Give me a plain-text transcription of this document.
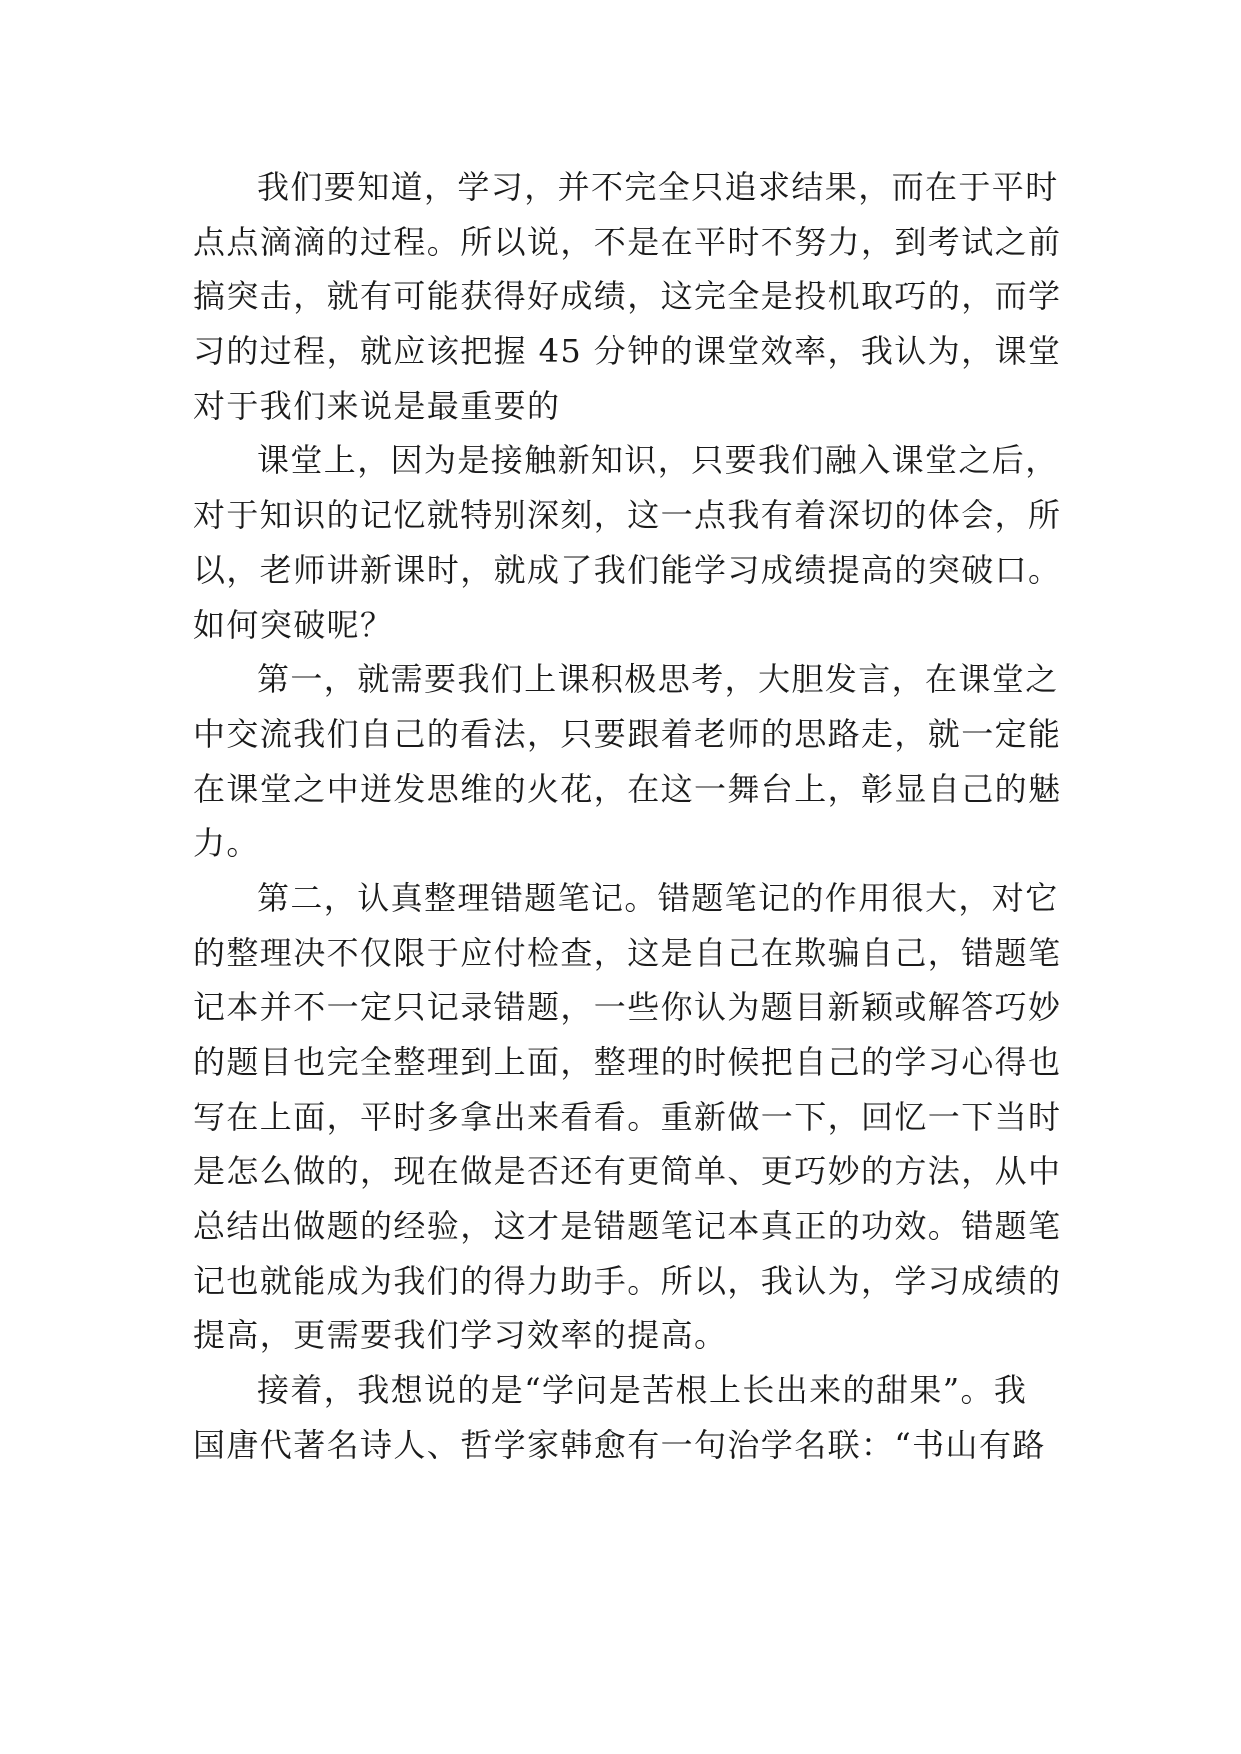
我们要知道，学习，并不完全只追求结果，而在于平时
点点滴滴的过程。所以说，不是在平时不努力，到考试之前
搞突击，就有可能获得好成绩，这完全是投机取巧的，而学
习的过程，就应该把握 45 分钟的课堂效率，我认为，课堂
对于我们来说是最重要的
课堂上，因为是接触新知识，只要我们融入课堂之后，
对于知识的记忆就特别深刻，这一点我有着深切的体会，所
以，老师讲新课时，就成了我们能学习成绩提高的突破口。
如何突破呢？
第一，就需要我们上课积极思考，大胆发言，在课堂之
中交流我们自己的看法，只要跟着老师的思路走，就一定能
在课堂之中迸发思维的火花，在这一舞台上，彰显自己的魅
力。
第二，认真整理错题笔记。错题笔记的作用很大，对它
的整理决不仅限于应付检查，这是自己在欺骗自己，错题笔
记本并不一定只记录错题，一些你认为题目新颖或解答巧妙
的题目也完全整理到上面，整理的时候把自己的学习心得也
写在上面，平时多拿出来看看。重新做一下，回忆一下当时
是怎么做的，现在做是否还有更简单、更巧妙的方法，从中
总结出做题的经验，这才是错题笔记本真正的功效。错题笔
记也就能成为我们的得力助手。所以，我认为，学习成绩的
提高，更需要我们学习效率的提高。
接着，我想说的是“学问是苦根上长出来的甜果”。我
国唐代著名诗人、哲学家韩愈有一句治学名联：“书山有路
